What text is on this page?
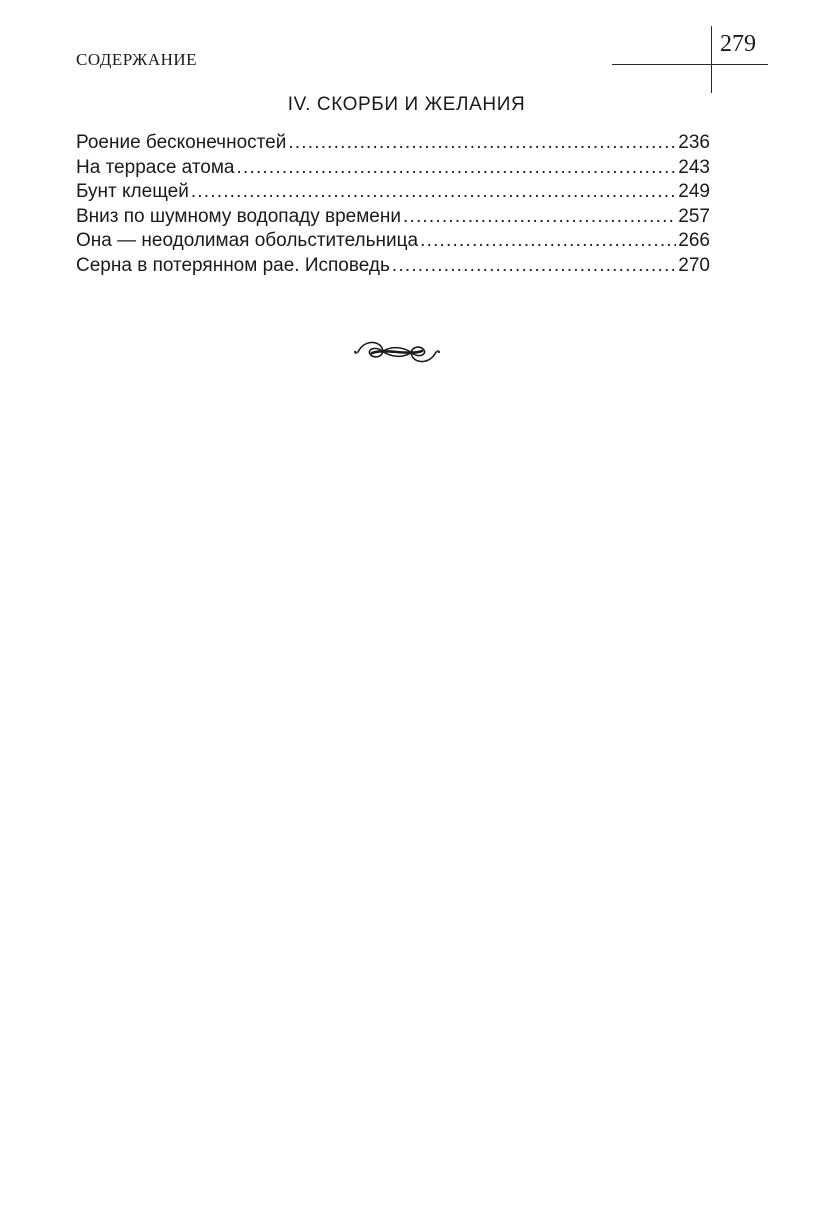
СОДЕРЖАНИЕ
279
IV. СКОРБИ И ЖЕЛАНИЯ
Роение бесконечностей .....	236
На террасе атома .....	243
Бунт клещей .....	249
Вниз по шумному водопаду времени .....	257
Она — неодолимая обольстительница .....	266
Серна в потерянном рае. Исповедь .....	270
